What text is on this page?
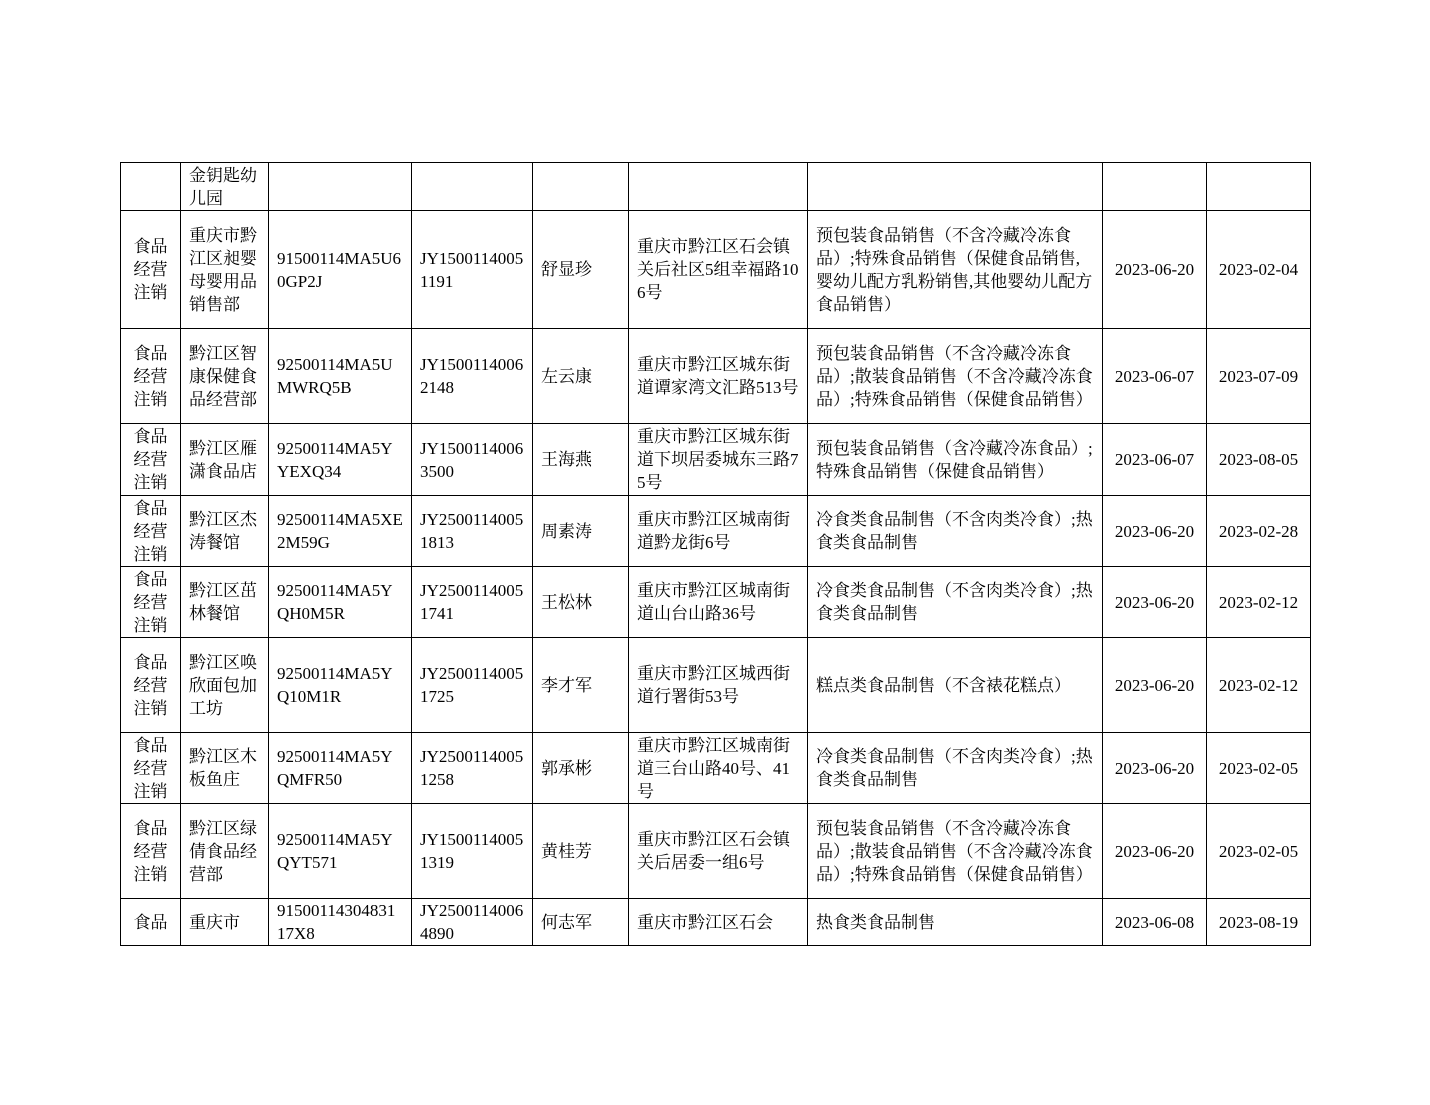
	金钥匙幼儿园							
食品经营注销	重庆市黔江区昶婴母婴用品销售部	91500114MA5U60GP2J	JY15001140051191	舒显珍	重庆市黔江区石会镇关后社区5组幸福路106号	预包装食品销售（不含冷藏冷冻食品）;特殊食品销售（保健食品销售,婴幼儿配方乳粉销售,其他婴幼儿配方食品销售）	2023-06-20	2023-02-04
食品经营注销	黔江区智康保健食品经营部	92500114MA5UMWRQ5B	JY15001140062148	左云康	重庆市黔江区城东街道谭家湾文汇路513号	预包装食品销售（不含冷藏冷冻食品）;散装食品销售（不含冷藏冷冻食品）;特殊食品销售（保健食品销售）	2023-06-07	2023-07-09
食品经营注销	黔江区雁潇食品店	92500114MA5YYEXQ34	JY15001140063500	王海燕	重庆市黔江区城东街道下坝居委城东三路75号	预包装食品销售（含冷藏冷冻食品）;特殊食品销售（保健食品销售）	2023-06-07	2023-08-05
食品经营注销	黔江区杰涛餐馆	92500114MA5XE2M59G	JY25001140051813	周素涛	重庆市黔江区城南街道黔龙街6号	冷食类食品制售（不含肉类冷食）;热食类食品制售	2023-06-20	2023-02-28
食品经营注销	黔江区茁林餐馆	92500114MA5YQH0M5R	JY25001140051741	王松林	重庆市黔江区城南街道山台山路36号	冷食类食品制售（不含肉类冷食）;热食类食品制售	2023-06-20	2023-02-12
食品经营注销	黔江区唤欣面包加工坊	92500114MA5YQ10M1R	JY25001140051725	李才军	重庆市黔江区城西街道行署街53号	糕点类食品制售（不含裱花糕点）	2023-06-20	2023-02-12
食品经营注销	黔江区木板鱼庄	92500114MA5YQMFR50	JY25001140051258	郭承彬	重庆市黔江区城南街道三台山路40号、41号	冷食类食品制售（不含肉类冷食）;热食类食品制售	2023-06-20	2023-02-05
食品经营注销	黔江区绿倩食品经营部	92500114MA5YQYT571	JY15001140051319	黄桂芳	重庆市黔江区石会镇关后居委一组6号	预包装食品销售（不含冷藏冷冻食品）;散装食品销售（不含冷藏冷冻食品）;特殊食品销售（保健食品销售）	2023-06-20	2023-02-05
食品	重庆市	9150011430483117X8	JY25001140064890	何志军	重庆市黔江区石会	热食类食品制售	2023-06-08	2023-08-19
